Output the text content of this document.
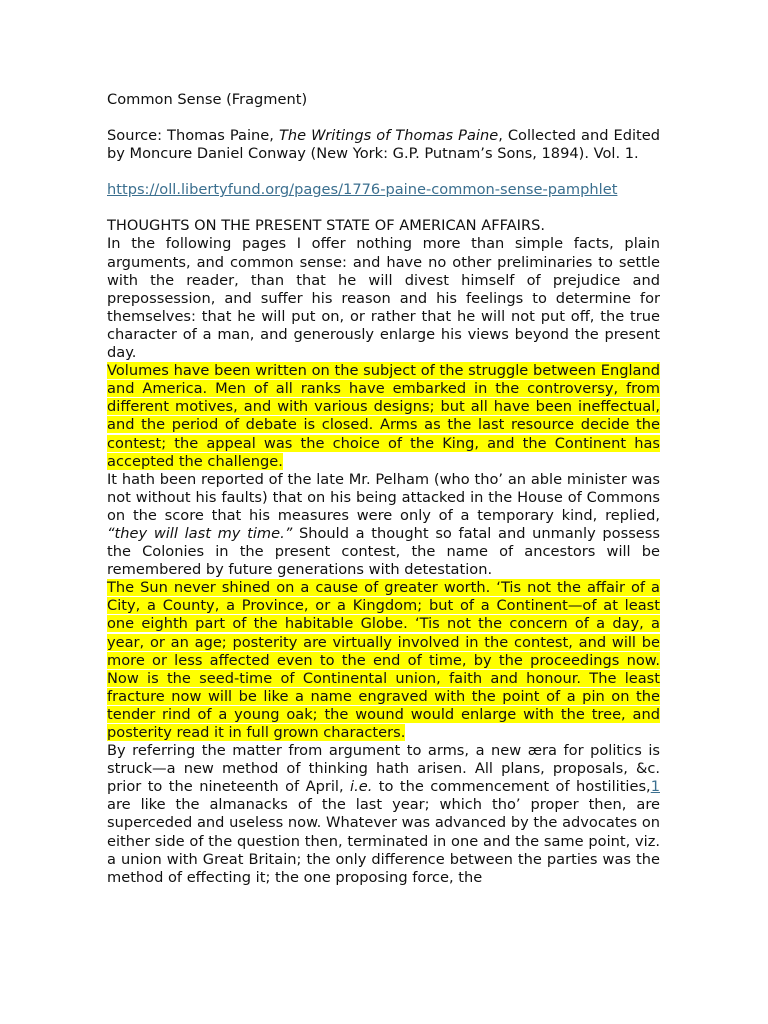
Common Sense (Fragment)

Source: Thomas Paine, The Writings of Thomas Paine, Collected and Edited by Moncure Daniel Conway (New York: G.P. Putnam’s Sons, 1894). Vol. 1.

https://oll.libertyfund.org/pages/1776-paine-common-sense-pamphlet

THOUGHTS ON THE PRESENT STATE OF AMERICAN AFFAIRS.

In the following pages I offer nothing more than simple facts, plain arguments, and common sense: and have no other preliminaries to settle with the reader, than that he will divest himself of prejudice and prepossession, and suffer his reason and his feelings to determine for themselves: that he will put on, or rather that he will not put off, the true character of a man, and generously enlarge his views beyond the present day.

Volumes have been written on the subject of the struggle between England and America. Men of all ranks have embarked in the controversy, from different motives, and with various designs; but all have been ineffectual, and the period of debate is closed. Arms as the last resource decide the contest; the appeal was the choice of the King, and the Continent has accepted the challenge.

It hath been reported of the late Mr. Pelham (who tho’ an able minister was not without his faults) that on his being attacked in the House of Commons on the score that his measures were only of a temporary kind, replied, “they will last my time.” Should a thought so fatal and unmanly possess the Colonies in the present contest, the name of ancestors will be remembered by future generations with detestation.

The Sun never shined on a cause of greater worth. ‘Tis not the affair of a City, a County, a Province, or a Kingdom; but of a Continent—of at least one eighth part of the habitable Globe. ‘Tis not the concern of a day, a year, or an age; posterity are virtually involved in the contest, and will be more or less affected even to the end of time, by the proceedings now. Now is the seed-time of Continental union, faith and honour. The least fracture now will be like a name engraved with the point of a pin on the tender rind of a young oak; the wound would enlarge with the tree, and posterity read it in full grown characters.

By referring the matter from argument to arms, a new æra for politics is struck—a new method of thinking hath arisen. All plans, proposals, &c. prior to the nineteenth of April, i.e. to the commencement of hostilities,1 are like the almanacks of the last year; which tho’ proper then, are superceded and useless now. Whatever was advanced by the advocates on either side of the question then, terminated in one and the same point, viz. a union with Great Britain; the only difference between the parties was the method of effecting it; the one proposing force, the
